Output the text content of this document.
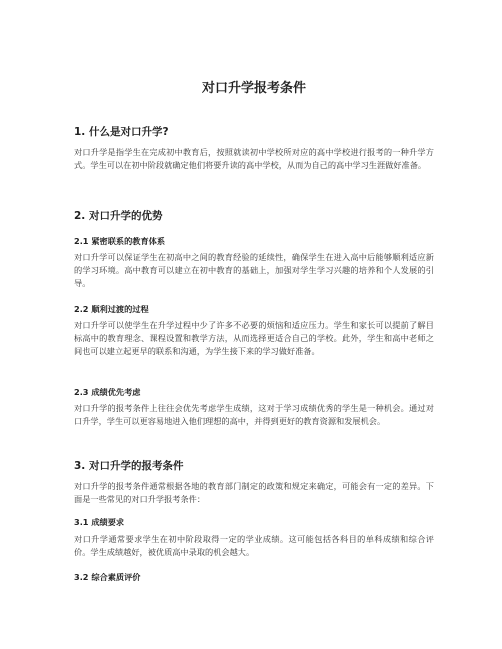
对口升学报考条件
1. 什么是对口升学?

对口升学是指学生在完成初中教育后，按照就读初中学校所对应的高中学校进行报考的一种升学方式。学生可以在初中阶段就确定他们将要升读的高中学校，从而为自己的高中学习生涯做好准备。

2. 对口升学的优势
2.1 紧密联系的教育体系

对口升学可以保证学生在初高中之间的教育经验的延续性，确保学生在进入高中后能够顺利适应新的学习环境。高中教育可以建立在初中教育的基础上，加强对学生学习兴趣的培养和个人发展的引导。

2.2 顺利过渡的过程

对口升学可以使学生在升学过程中少了许多不必要的烦恼和适应压力。学生和家长可以提前了解目标高中的教育理念、课程设置和教学方法，从而选择更适合自己的学校。此外，学生和高中老师之间也可以建立起更早的联系和沟通，为学生接下来的学习做好准备。

2.3 成绩优先考虑

对口升学的报考条件上往往会优先考虑学生成绩，这对于学习成绩优秀的学生是一种机会。通过对口升学，学生可以更容易地进入他们理想的高中，并得到更好的教育资源和发展机会。

3. 对口升学的报考条件

对口升学的报考条件通常根据各地的教育部门制定的政策和规定来确定，可能会有一定的差异。下面是一些常见的对口升学报考条件：

3.1 成绩要求

对口升学通常要求学生在初中阶段取得一定的学业成绩。这可能包括各科目的单科成绩和综合评价。学生成绩越好，被优质高中录取的机会越大。

3.2 综合素质评价
